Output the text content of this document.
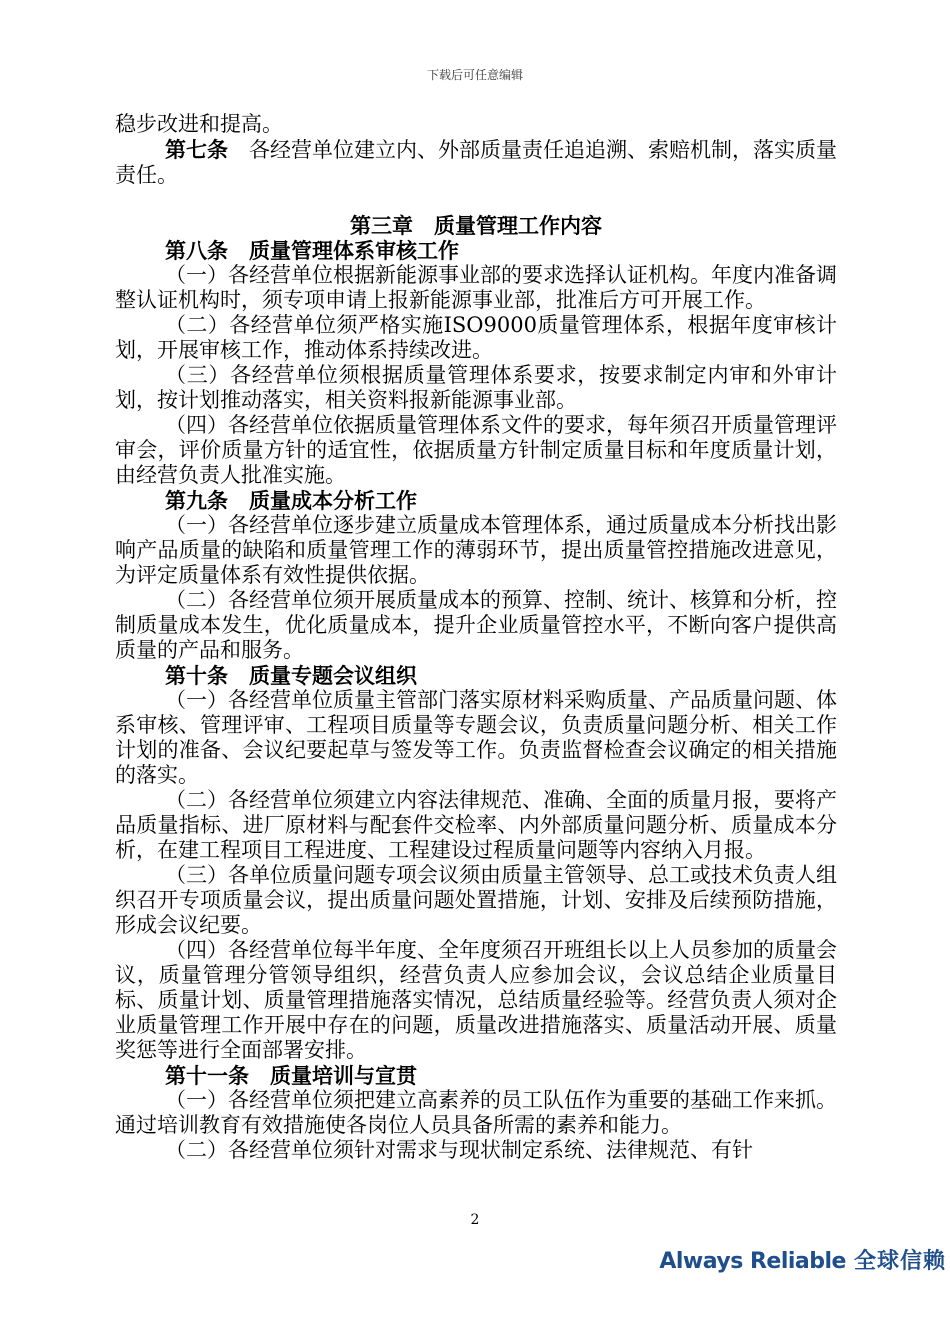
下载后可任意编辑

稳步改进和提高。

第七条　各经营单位建立内、外部质量责任追追溯、索赔机制，落实质量责任。

第三章　质量管理工作内容

第八条　质量管理体系审核工作

（一）各经营单位根据新能源事业部的要求选择认证机构。年度内准备调整认证机构时，须专项申请上报新能源事业部，批准后方可开展工作。

（二）各经营单位须严格实施ISO9000质量管理体系，根据年度审核计划，开展审核工作，推动体系持续改进。

（三）各经营单位须根据质量管理体系要求，按要求制定内审和外审计划，按计划推动落实，相关资料报新能源事业部。

（四）各经营单位依据质量管理体系文件的要求，每年须召开质量管理评审会，评价质量方针的适宜性，依据质量方针制定质量目标和年度质量计划，由经营负责人批准实施。

第九条　质量成本分析工作

（一）各经营单位逐步建立质量成本管理体系，通过质量成本分析找出影响产品质量的缺陷和质量管理工作的薄弱环节，提出质量管控措施改进意见，为评定质量体系有效性提供依据。

（二）各经营单位须开展质量成本的预算、控制、统计、核算和分析，控制质量成本发生，优化质量成本，提升企业质量管控水平，不断向客户提供高质量的产品和服务。

第十条　质量专题会议组织

（一）各经营单位质量主管部门落实原材料采购质量、产品质量问题、体系审核、管理评审、工程项目质量等专题会议，负责质量问题分析、相关工作计划的准备、会议纪要起草与签发等工作。负责监督检查会议确定的相关措施的落实。

（二）各经营单位须建立内容法律规范、准确、全面的质量月报，要将产品质量指标、进厂原材料与配套件交检率、内外部质量问题分析、质量成本分析，在建工程项目工程进度、工程建设过程质量问题等内容纳入月报。

（三）各单位质量问题专项会议须由质量主管领导、总工或技术负责人组织召开专项质量会议，提出质量问题处置措施，计划、安排及后续预防措施，形成会议纪要。

（四）各经营单位每半年度、全年度须召开班组长以上人员参加的质量会议，质量管理分管领导组织，经营负责人应参加会议，会议总结企业质量目标、质量计划、质量管理措施落实情况，总结质量经验等。经营负责人须对企业质量管理工作开展中存在的问题，质量改进措施落实、质量活动开展、质量奖惩等进行全面部署安排。

第十一条　质量培训与宣贯

（一）各经营单位须把建立高素养的员工队伍作为重要的基础工作来抓。通过培训教育有效措施使各岗位人员具备所需的素养和能力。

（二）各经营单位须针对需求与现状制定系统、法律规范、有针

2
Always Reliable 全球信赖
